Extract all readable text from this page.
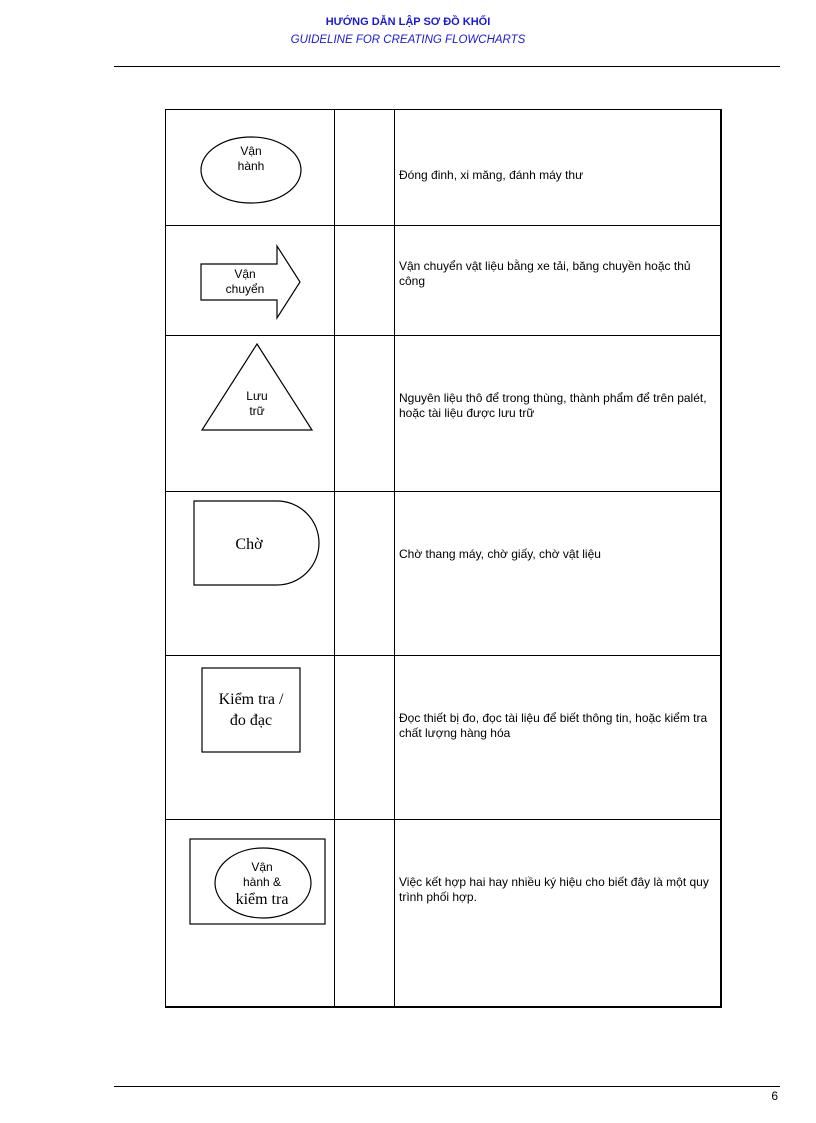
HƯỚNG DẪN LẬP SƠ ĐỒ KHỐI
GUIDELINE FOR CREATING FLOWCHARTS
Vận
hành
Đóng đinh, xi măng, đánh máy thư
Vận
chuyển
Vận chuyển vật liệu bằng xe tải, băng chuyền hoặc thủ công
Lưu
trữ
Nguyên liệu thô để trong thùng, thành phẩm để trên palét, hoặc tài liệu được lưu trữ
Chờ
Chờ thang máy, chờ giấy, chờ vật liệu
Kiểm tra /
đo đạc	Đọc thiết bị đo, đọc tài liệu để biết thông tin, hoặc kiểm tra chất lượng hàng hóa
Vận
hành &
kiểm tra
Việc kết hợp hai hay nhiều ký hiệu cho biết đây là một quy trình phối hợp.
6
